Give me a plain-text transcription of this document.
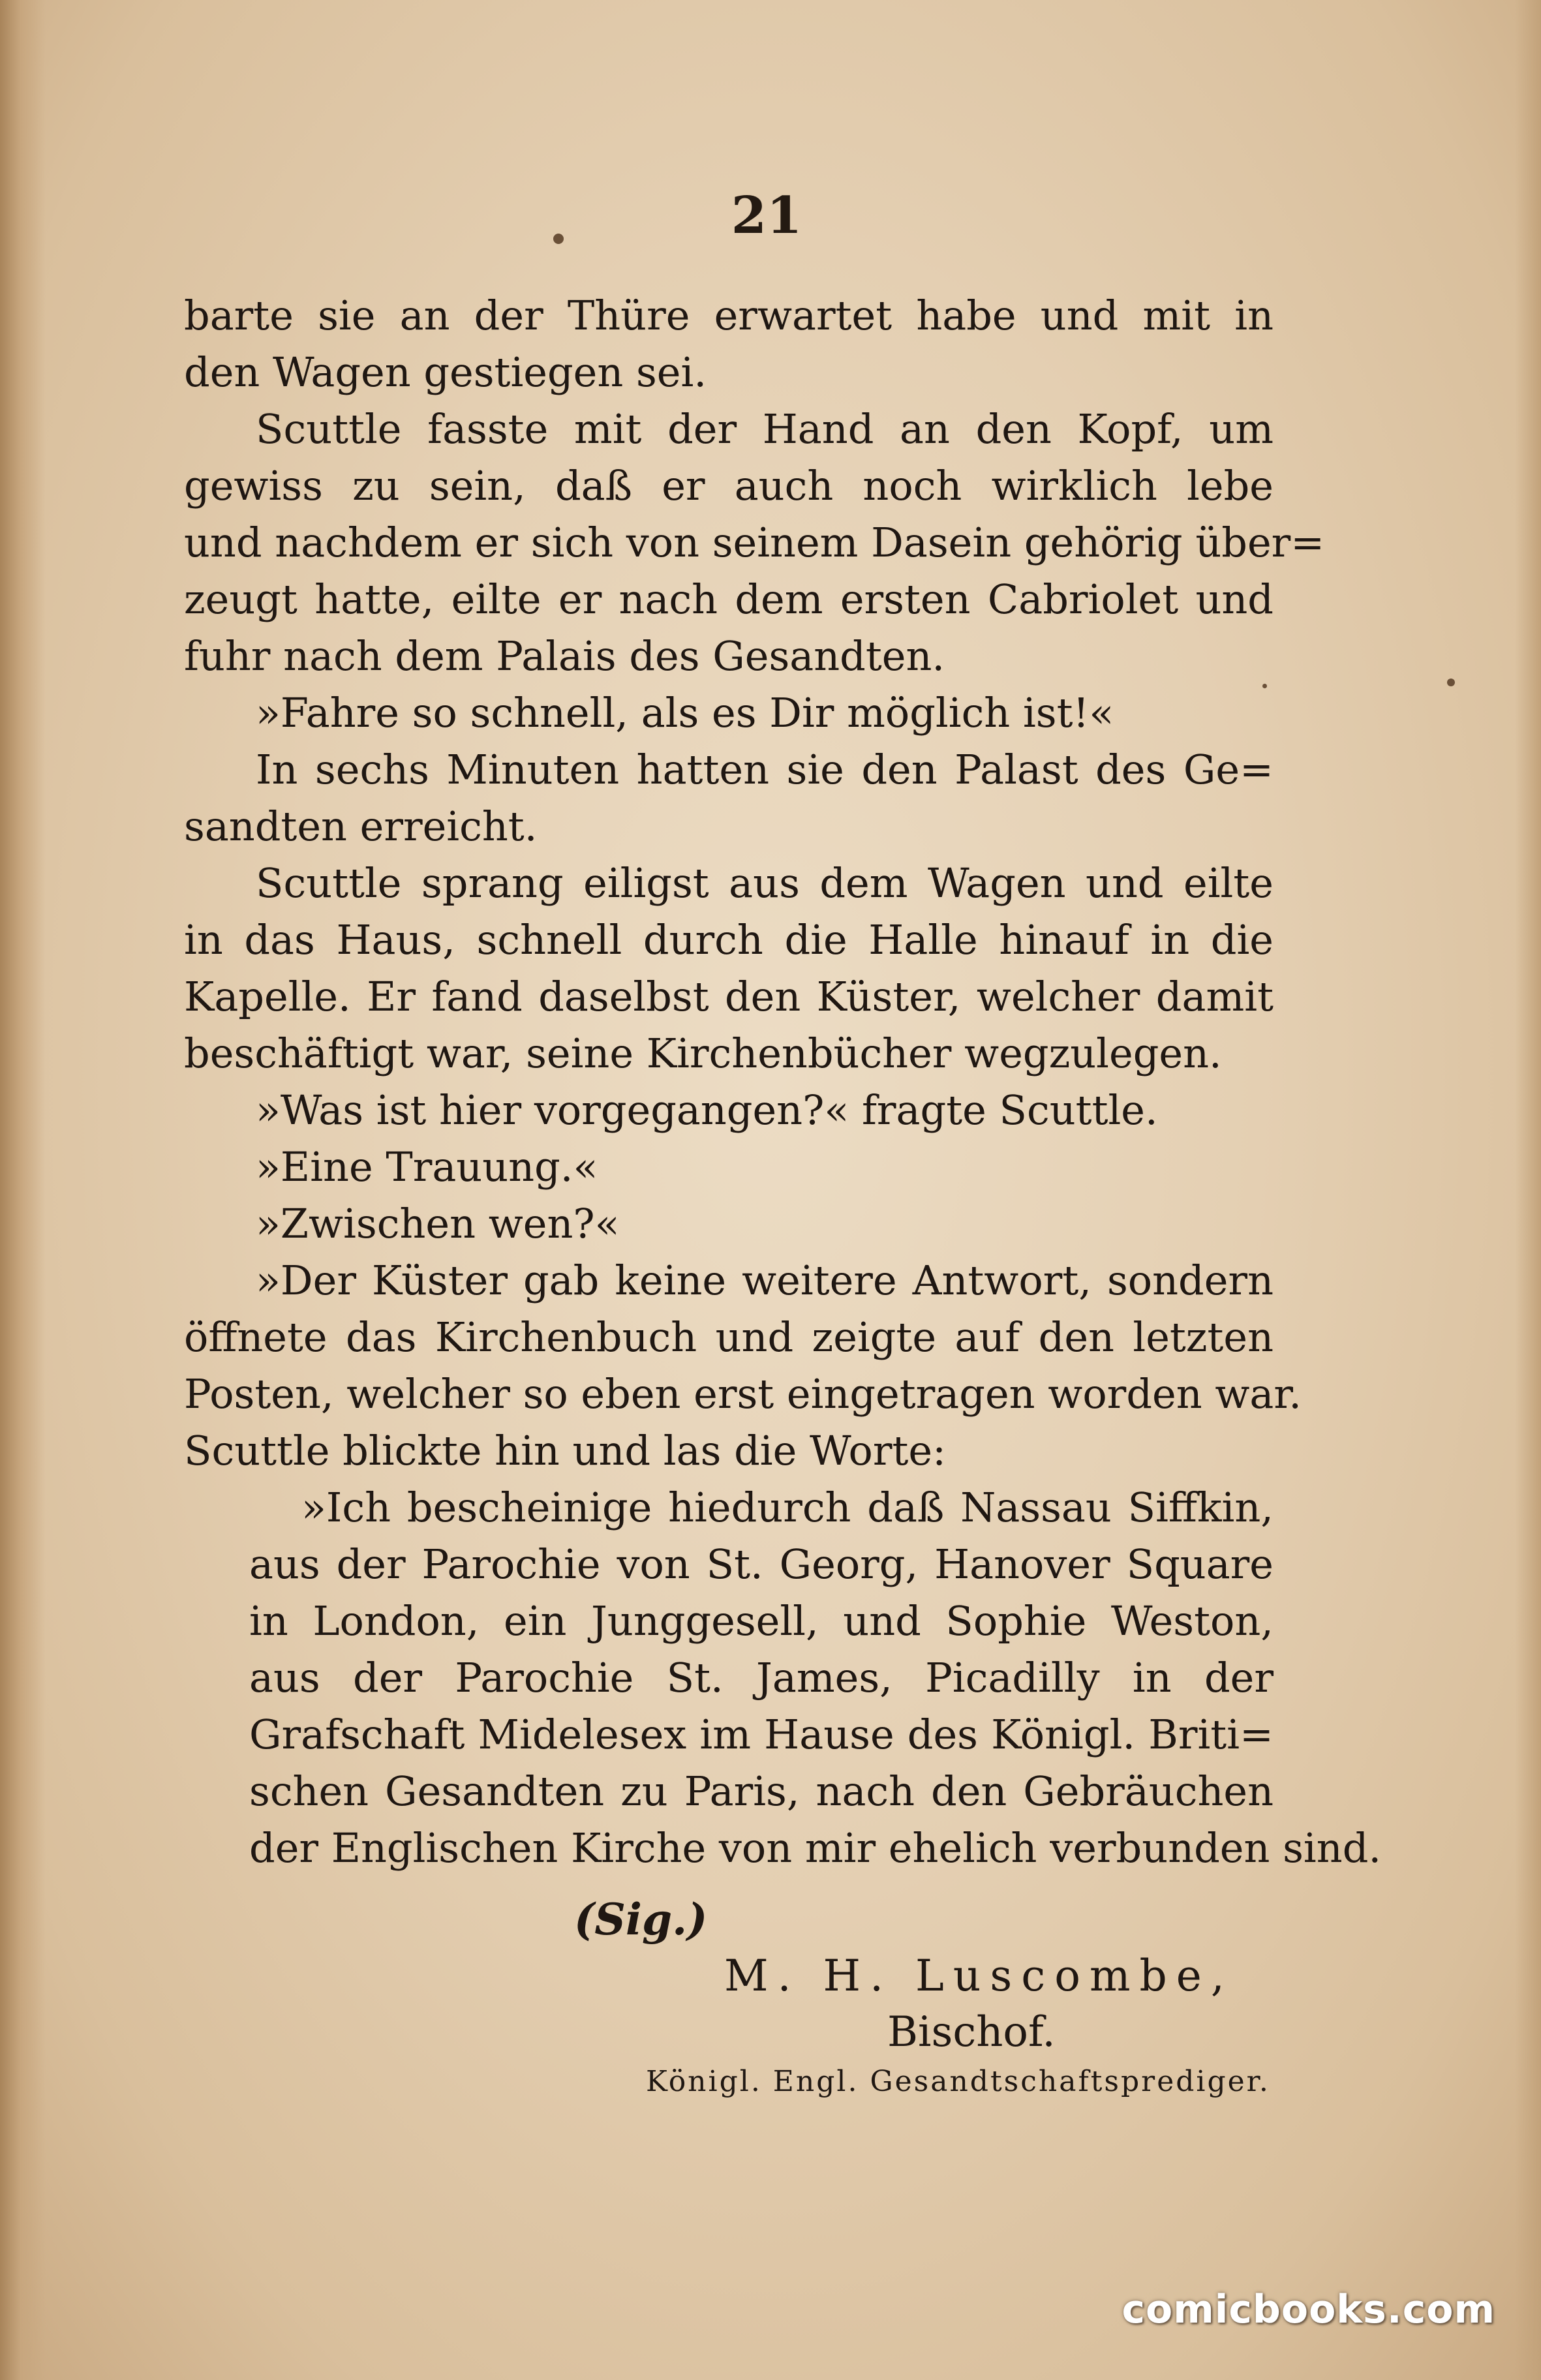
21
barte sie an der Thüre erwartet habe und mit in
den Wagen gestiegen sei.
Scuttle fasste mit der Hand an den Kopf, um
gewiss zu sein, daß er auch noch wirklich lebe
und nachdem er sich von seinem Dasein gehörig über=
zeugt hatte, eilte er nach dem ersten Cabriolet und
fuhr nach dem Palais des Gesandten.
»Fahre so schnell, als es Dir möglich ist!«
In sechs Minuten hatten sie den Palast des Ge=
sandten erreicht.
Scuttle sprang eiligst aus dem Wagen und eilte
in das Haus, schnell durch die Halle hinauf in die
Kapelle. Er fand daselbst den Küster, welcher damit
beschäftigt war, seine Kirchenbücher wegzulegen.
»Was ist hier vorgegangen?« fragte Scuttle.
»Eine Trauung.«
»Zwischen wen?«
»Der Küster gab keine weitere Antwort, sondern
öffnete das Kirchenbuch und zeigte auf den letzten
Posten, welcher so eben erst eingetragen worden war.
Scuttle blickte hin und las die Worte:
»Ich bescheinige hiedurch daß Nassau Siffkin,
aus der Parochie von St. Georg, Hanover Square
in London, ein Junggesell, und Sophie Weston,
aus der Parochie St. James, Picadilly in der
Grafschaft Midelesex im Hause des Königl. Briti=
schen Gesandten zu Paris, nach den Gebräuchen
der Englischen Kirche von mir ehelich verbunden sind.
(Sig.)
M. H. Luscombe,
Bischof.
Königl. Engl. Gesandtschaftsprediger.
comicbooks.com
